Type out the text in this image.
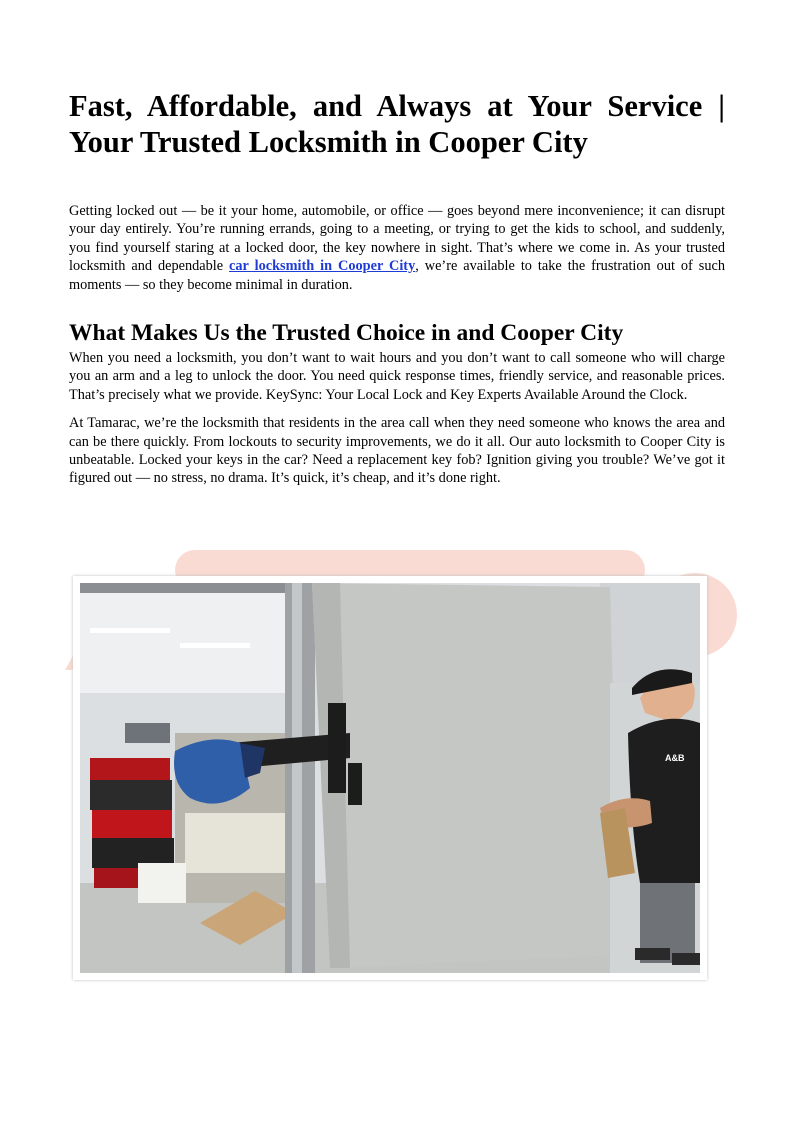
Fast, Affordable, and Always at Your Service | Your Trusted Locksmith in Cooper City

Getting locked out — be it your home, automobile, or office — goes beyond mere inconvenience; it can disrupt your day entirely. You’re running errands, going to a meeting, or trying to get the kids to school, and suddenly, you find yourself staring at a locked door, the key nowhere in sight. That’s where we come in. As your trusted locksmith and dependable car locksmith in Cooper City, we’re available to take the frustration out of such moments — so they become minimal in duration.

What Makes Us the Trusted Choice in and Cooper City

When you need a locksmith, you don’t want to wait hours and you don’t want to call someone who will charge you an arm and a leg to unlock the door. You need quick response times, friendly service, and reasonable prices. That’s precisely what we provide. KeySync: Your Local Lock and Key Experts Available Around the Clock.

At Tamarac, we’re the locksmith that residents in the area call when they need someone who knows the area and can be there quickly. From lockouts to security improvements, we do it all. Our auto locksmith to Cooper City is unbeatable. Locked your keys in the car? Need a replacement key fob? Ignition giving you trouble? We’ve got it figured out — no stress, no drama. It’s quick, it’s cheap, and it’s done right.

A&B
